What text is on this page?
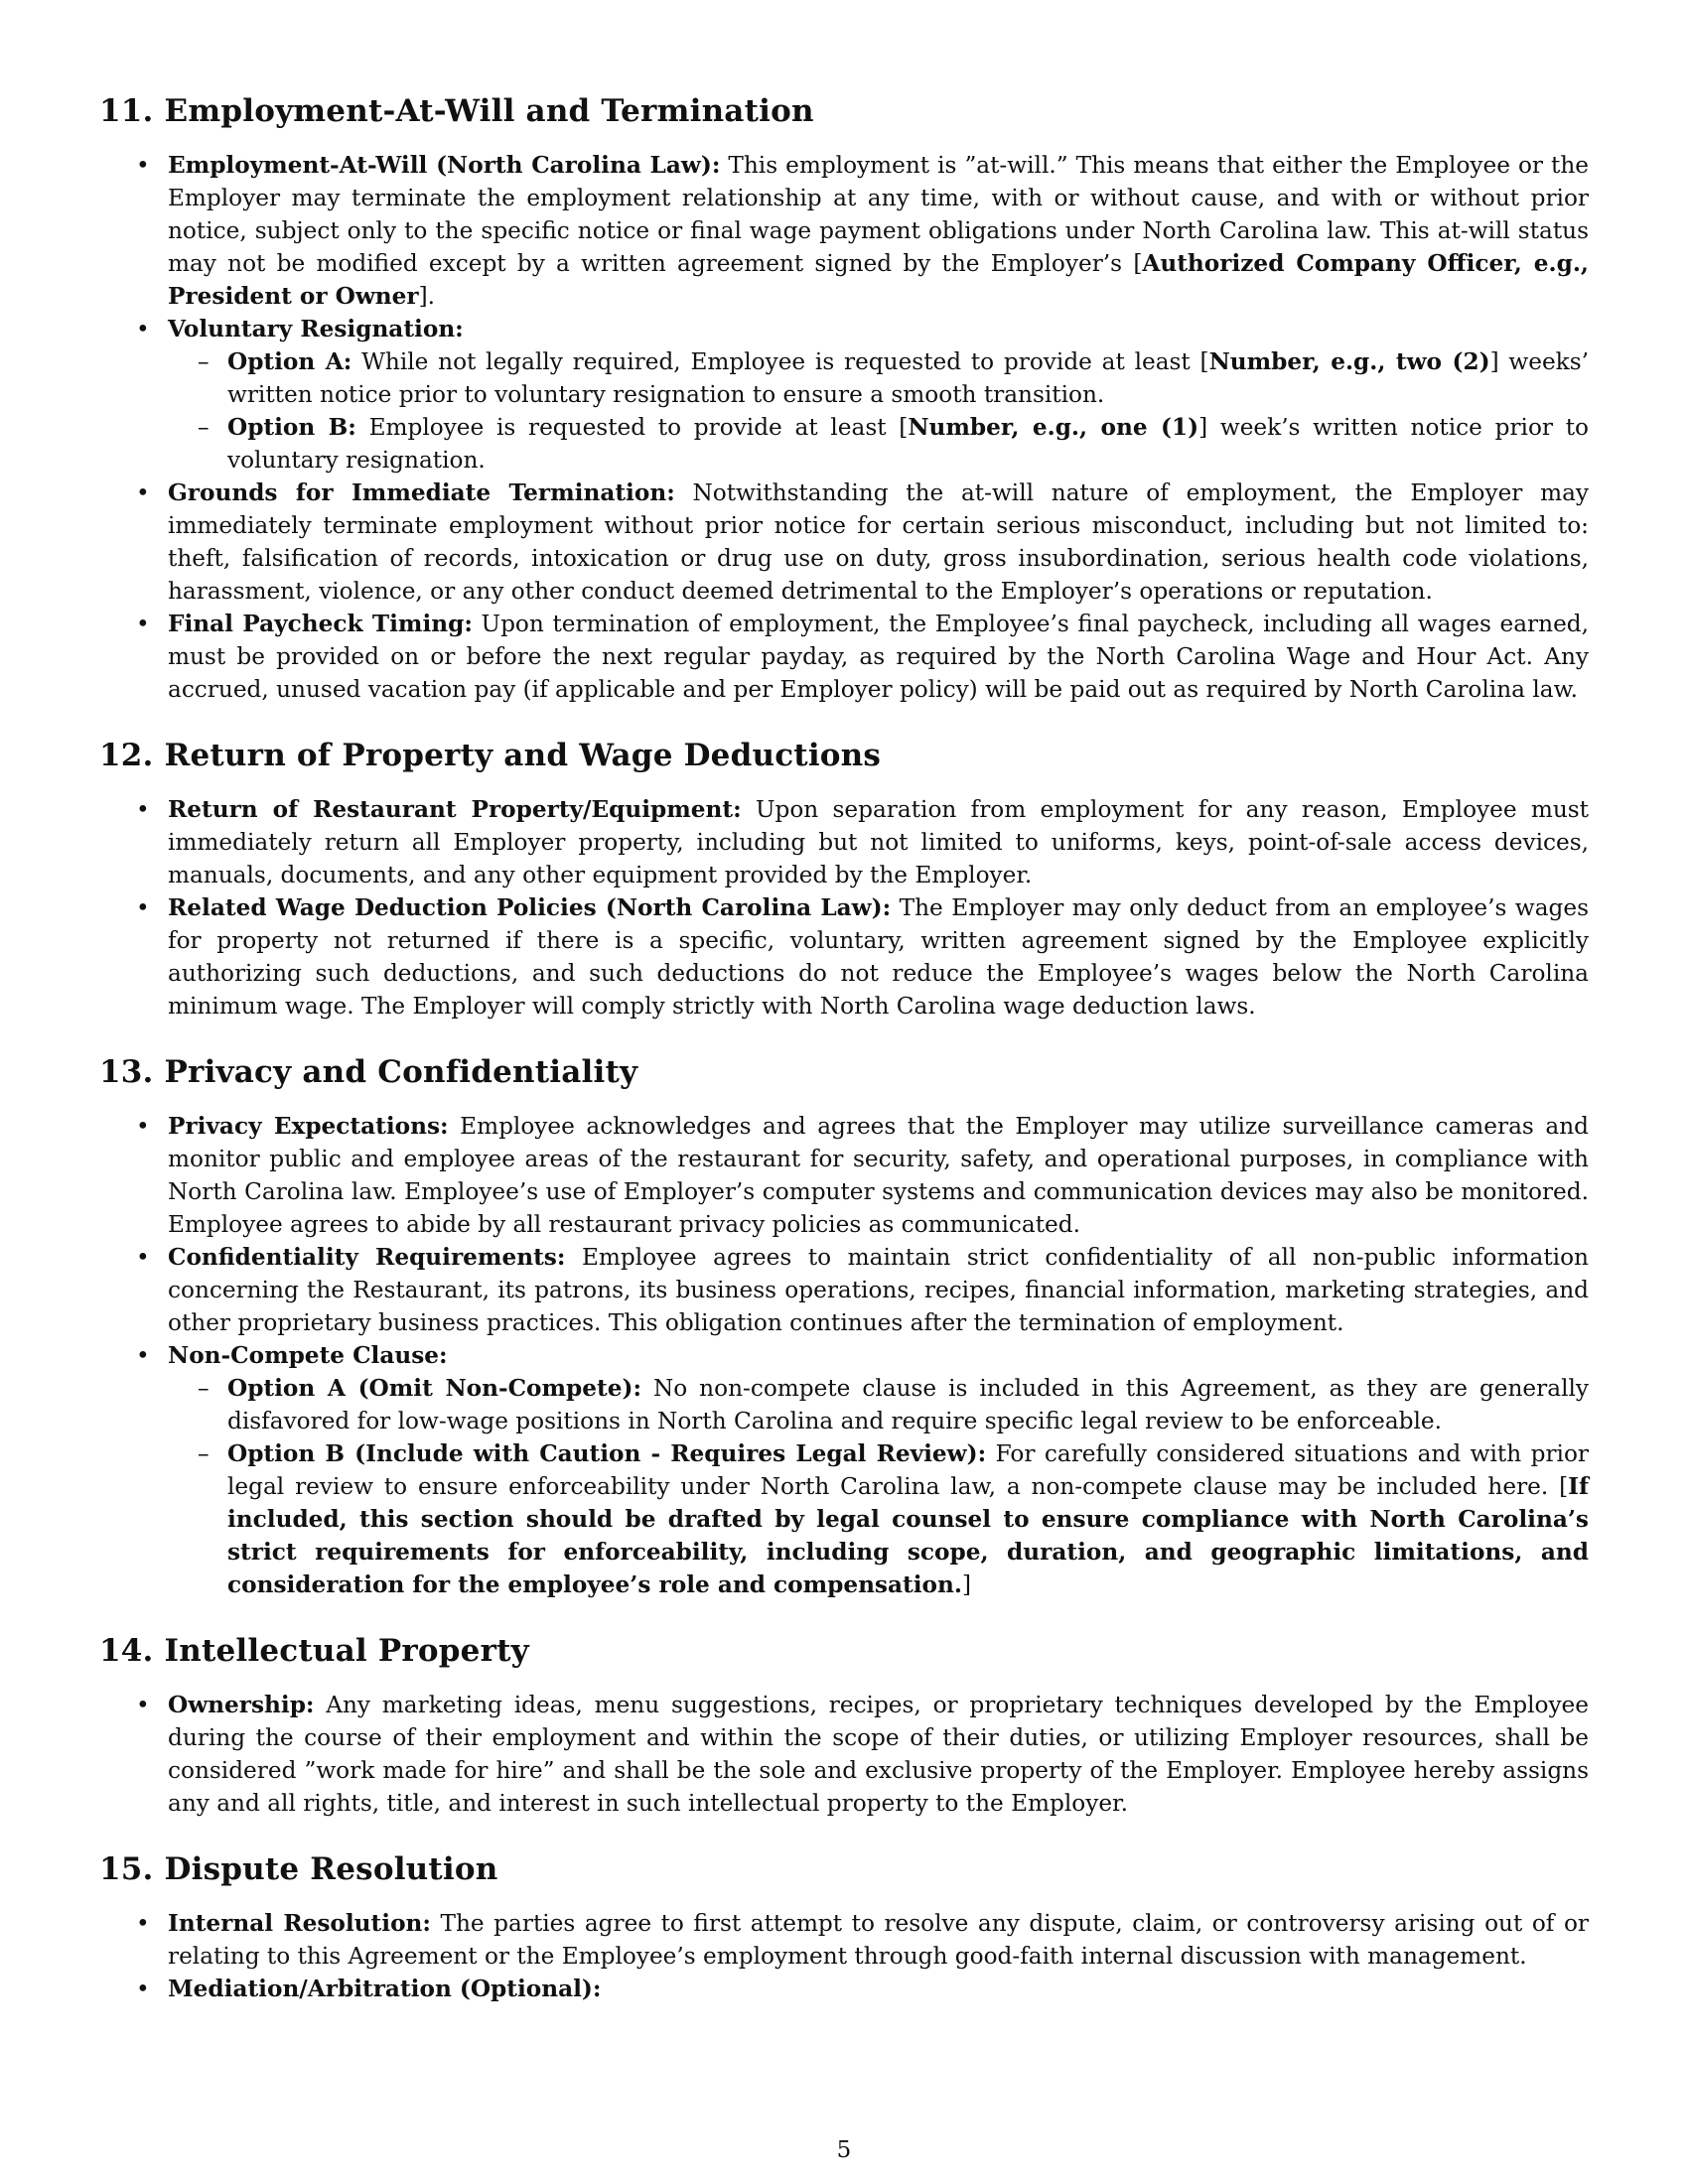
11. Employment-At-Will and Termination
• Employment-At-Will (North Carolina Law): This employment is ”at-will.” This means that either the Employee or the Employer may terminate the employment relationship at any time, with or without cause, and with or without prior notice, subject only to the specific notice or final wage payment obligations under North Carolina law. This at-will status may not be modified except by a written agreement signed by the Employer’s [Authorized Company Officer, e.g., President or Owner].
• Voluntary Resignation:
– Option A: While not legally required, Employee is requested to provide at least [Number, e.g., two (2)] weeks’ written notice prior to voluntary resignation to ensure a smooth transition.
– Option B: Employee is requested to provide at least [Number, e.g., one (1)] week’s written notice prior to voluntary resignation.
• Grounds for Immediate Termination: Notwithstanding the at-will nature of employment, the Employer may immediately terminate employment without prior notice for certain serious misconduct, including but not limited to: theft, falsification of records, intoxication or drug use on duty, gross insubordination, serious health code violations, harassment, violence, or any other conduct deemed detrimental to the Employer’s operations or reputation.
• Final Paycheck Timing: Upon termination of employment, the Employee’s final paycheck, including all wages earned, must be provided on or before the next regular payday, as required by the North Carolina Wage and Hour Act. Any accrued, unused vacation pay (if applicable and per Employer policy) will be paid out as required by North Carolina law.
12. Return of Property and Wage Deductions
• Return of Restaurant Property/Equipment: Upon separation from employment for any reason, Employee must immediately return all Employer property, including but not limited to uniforms, keys, point-of-sale access devices, manuals, documents, and any other equipment provided by the Employer.
• Related Wage Deduction Policies (North Carolina Law): The Employer may only deduct from an employee’s wages for property not returned if there is a specific, voluntary, written agreement signed by the Employee explicitly authorizing such deductions, and such deductions do not reduce the Employee’s wages below the North Carolina minimum wage. The Employer will comply strictly with North Carolina wage deduction laws.
13. Privacy and Confidentiality
• Privacy Expectations: Employee acknowledges and agrees that the Employer may utilize surveillance cameras and monitor public and employee areas of the restaurant for security, safety, and operational purposes, in compliance with North Carolina law. Employee’s use of Employer’s computer systems and communication devices may also be monitored. Employee agrees to abide by all restaurant privacy policies as communicated.
• Confidentiality Requirements: Employee agrees to maintain strict confidentiality of all non-public information concerning the Restaurant, its patrons, its business operations, recipes, financial information, marketing strategies, and other proprietary business practices. This obligation continues after the termination of employment.
• Non-Compete Clause:
– Option A (Omit Non-Compete): No non-compete clause is included in this Agreement, as they are generally disfavored for low-wage positions in North Carolina and require specific legal review to be enforceable.
– Option B (Include with Caution - Requires Legal Review): For carefully considered situations and with prior legal review to ensure enforceability under North Carolina law, a non-compete clause may be included here. [If included, this section should be drafted by legal counsel to ensure compliance with North Carolina’s strict requirements for enforceability, including scope, duration, and geographic limitations, and consideration for the employee’s role and compensation.]
14. Intellectual Property
• Ownership: Any marketing ideas, menu suggestions, recipes, or proprietary techniques developed by the Employee during the course of their employment and within the scope of their duties, or utilizing Employer resources, shall be considered ”work made for hire” and shall be the sole and exclusive property of the Employer. Employee hereby assigns any and all rights, title, and interest in such intellectual property to the Employer.
15. Dispute Resolution
• Internal Resolution: The parties agree to first attempt to resolve any dispute, claim, or controversy arising out of or relating to this Agreement or the Employee’s employment through good-faith internal discussion with management.
• Mediation/Arbitration (Optional):
5
